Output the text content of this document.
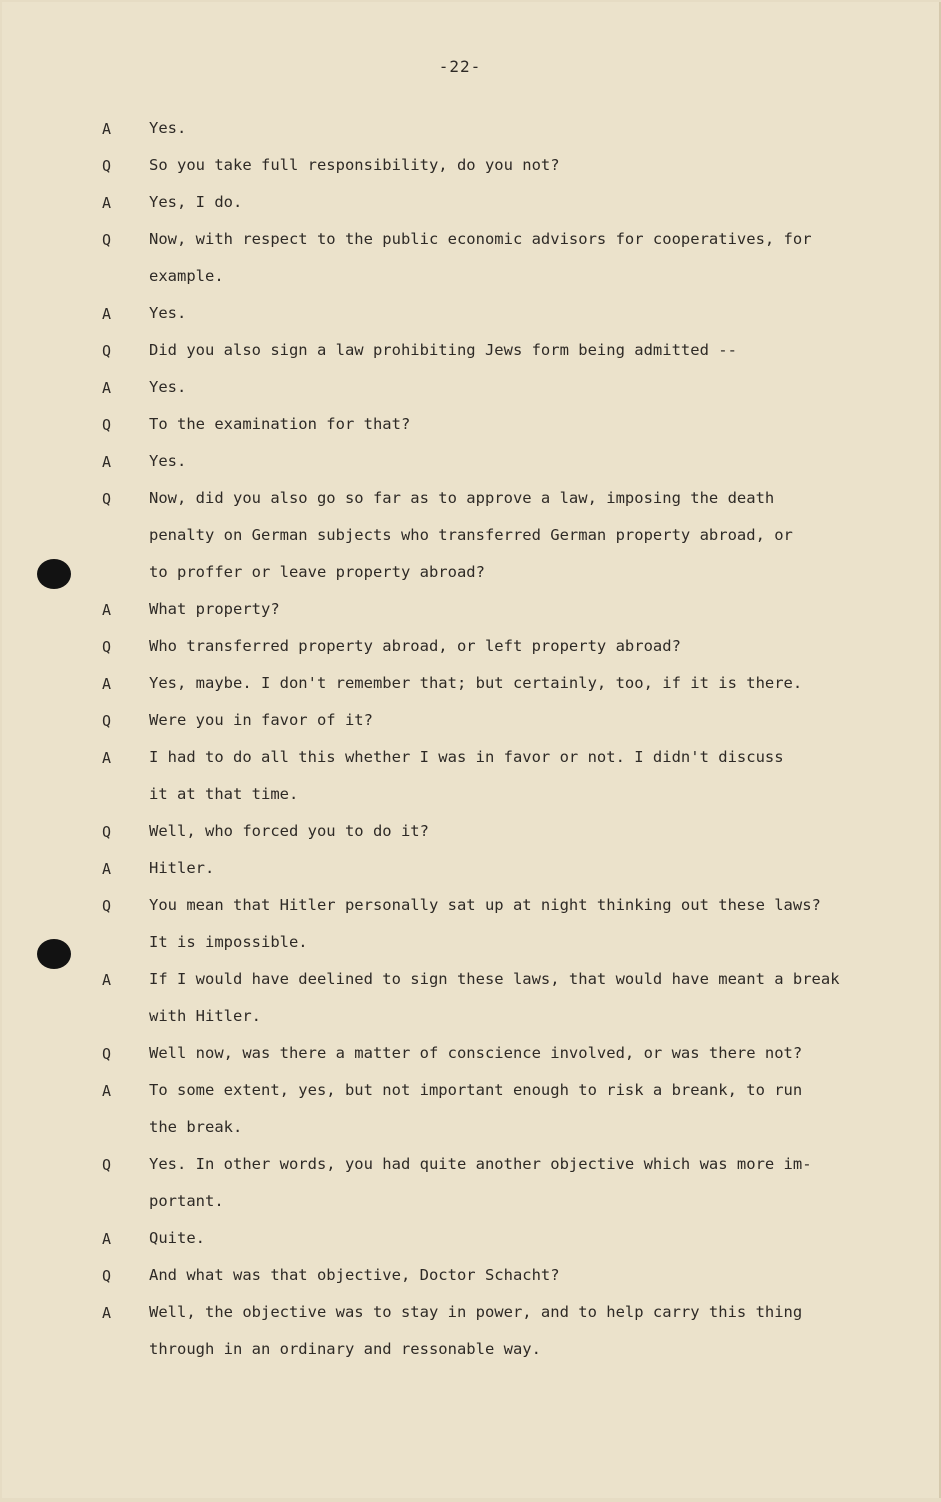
-22-
A	Yes.
Q	So you take full responsibility, do you not?
A	Yes, I do.
Q	Now, with respect to the public economic advisors for cooperatives, for
example.
A	Yes.
Q	Did you also sign a law prohibiting Jews form being admitted --
A	Yes.
Q	To the examination for that?
A	Yes.
Q	Now, did you also go so far as to approve a law, imposing the death
penalty on German subjects who transferred German property abroad, or
to proffer or leave property abroad?
A	What property?
Q	Who transferred property abroad, or left property abroad?
A	Yes, maybe. I don't remember that; but certainly, too, if it is there.
Q	Were you in favor of it?
A	I had to do all this whether I was in favor or not. I didn't discuss
it at that time.
Q	Well, who forced you to do it?
A	Hitler.
Q	You mean that Hitler personally sat up at night thinking out these laws?
It is impossible.
A	If I would have deelined to sign these laws, that would have meant a break
with Hitler.
Q	Well now, was there a matter of conscience involved, or was there not?
A	To some extent, yes, but not important enough to risk a breank, to run
the break.
Q	Yes. In other words, you had quite another objective which was more im-
portant.
A	Quite.
Q	And what was that objective, Doctor Schacht?
A	Well, the objective was to stay in power, and to help carry this thing
through in an ordinary and ressonable way.
